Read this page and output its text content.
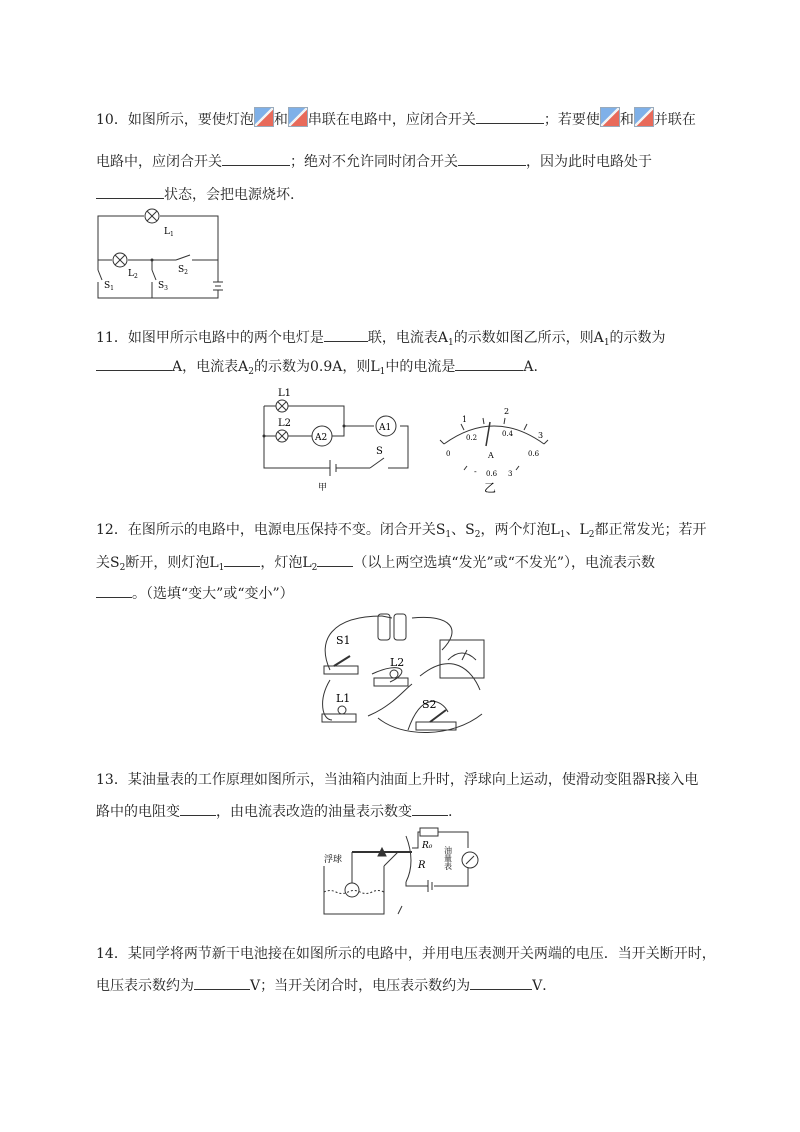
10．如图所示，要使灯泡 和 串联在电路中，应闭合开关	；若要使 和 并联在
电路中，应闭合开关	；绝对不允许同时闭合开关	，因为此时电路处于
状态，会把电源烧坏.
$L_1$
$L_2$
$S_2$
$S_1$	$S_3$
11．如图甲所示电路中的两个电灯是	联，电流表$A_1$的示数如图乙所示，则$A_1$的示数为
A，电流表$A_2$的示数为0.9A，则$L_1$中的电流是	A.
L1
L2
A2
A1
S
甲
1
2
3
0.2	0.4
0	0.6
A
- 0.6 3
乙
12．在图所示的电路中，电源电压保持不变。闭合开关$S_1$、$S_2$，两个灯泡$L_1$、$L_2$都正常发光；若开
关$S_2$断开，则灯泡$L_1$	，灯泡$L_2$	（以上两空选填“发光”或“不发光”），电流表示数
。（选填“变大”或“变小”）
S1
L2
L1	S2
13．某油量表的工作原理如图所示，当油箱内油面上升时，浮球向上运动，使滑动变阻器R接入电
路中的电阻变	，由电流表改造的油量表示数变	.
R₀
R 油量表
浮球
14．某同学将两节新干电池接在如图所示的电路中，并用电压表测开关两端的电压．当开关断开时，
电压表示数约为	V；当开关闭合时，电压表示数约为	V．
